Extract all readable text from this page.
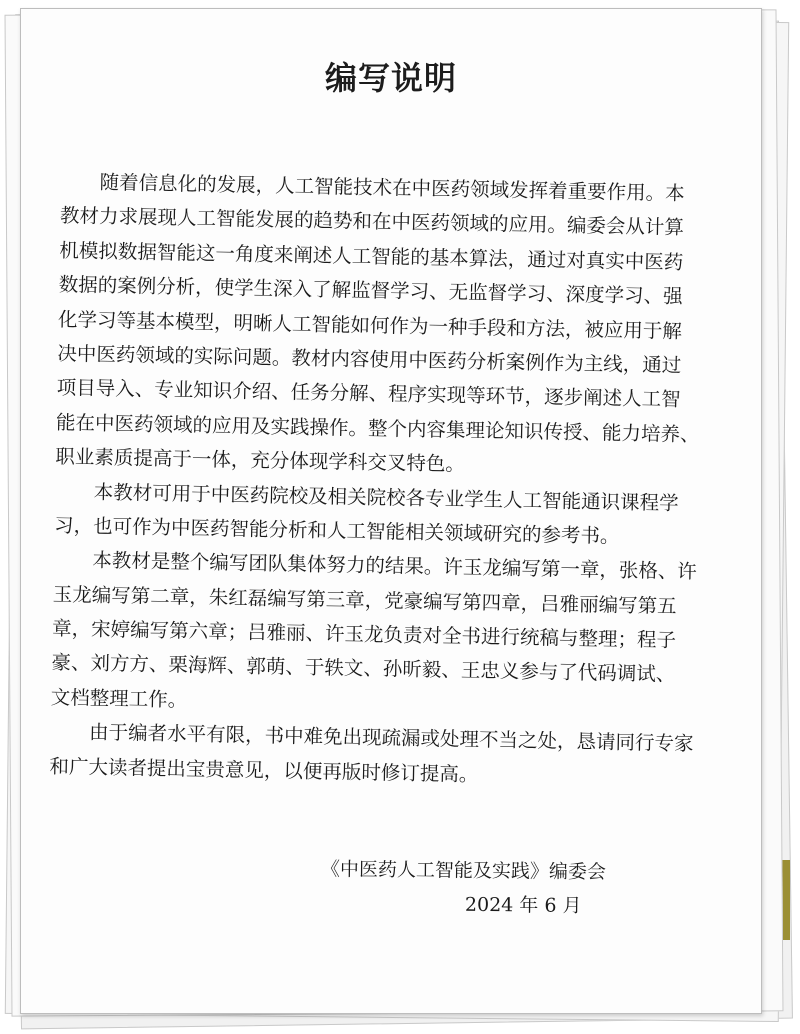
编写说明
　　随着信息化的发展，人工智能技术在中医药领域发挥着重要作用。本
教材力求展现人工智能发展的趋势和在中医药领域的应用。编委会从计算
机模拟数据智能这一角度来阐述人工智能的基本算法，通过对真实中医药
数据的案例分析，使学生深入了解监督学习、无监督学习、深度学习、强
化学习等基本模型，明晰人工智能如何作为一种手段和方法，被应用于解
决中医药领域的实际问题。教材内容使用中医药分析案例作为主线，通过
项目导入、专业知识介绍、任务分解、程序实现等环节，逐步阐述人工智
能在中医药领域的应用及实践操作。整个内容集理论知识传授、能力培养、
职业素质提高于一体，充分体现学科交叉特色。
　　本教材可用于中医药院校及相关院校各专业学生人工智能通识课程学
习，也可作为中医药智能分析和人工智能相关领域研究的参考书。
　　本教材是整个编写团队集体努力的结果。许玉龙编写第一章，张格、许
玉龙编写第二章，朱红磊编写第三章，党豪编写第四章，吕雅丽编写第五
章，宋婷编写第六章；吕雅丽、许玉龙负责对全书进行统稿与整理；程子
豪、刘方方、栗海辉、郭萌、于轶文、孙昕毅、王忠义参与了代码调试、
文档整理工作。
　　由于编者水平有限，书中难免出现疏漏或处理不当之处，恳请同行专家
和广大读者提出宝贵意见，以便再版时修订提高。
《中医药人工智能及实践》编委会
2024 年 6 月
